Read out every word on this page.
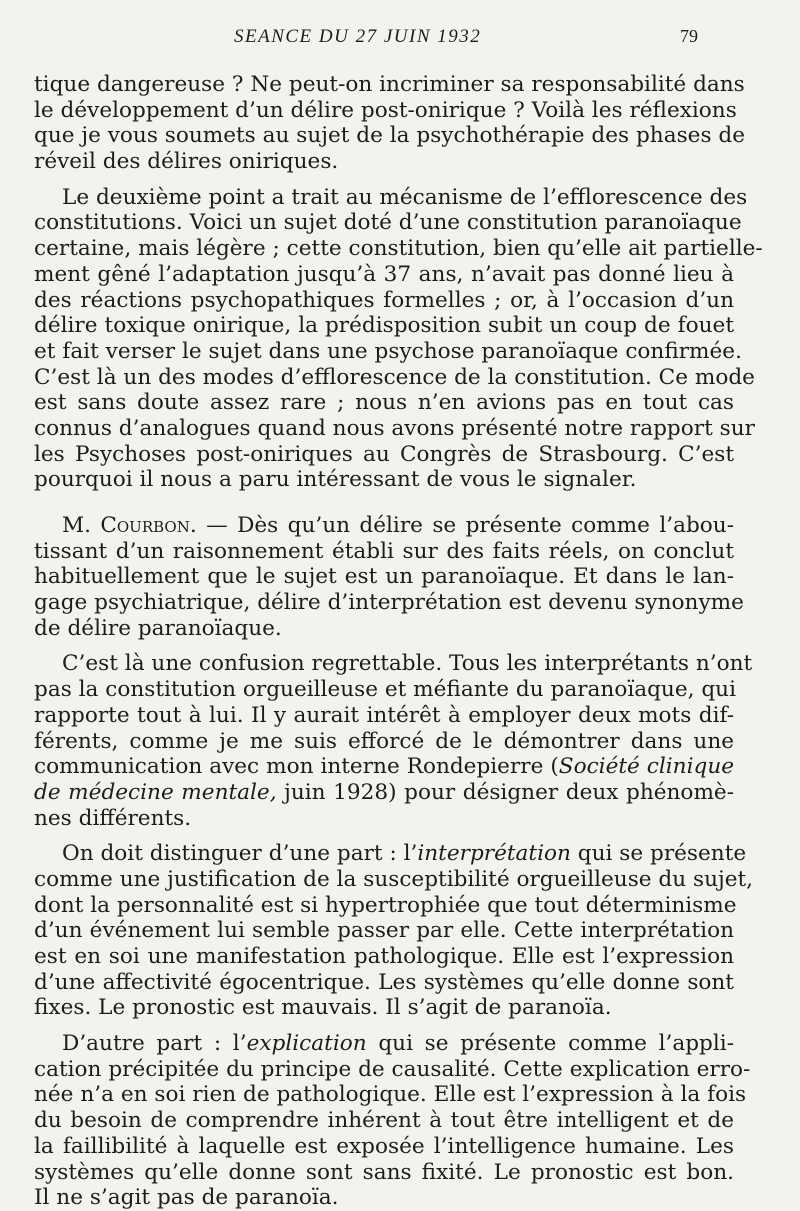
SEANCE DU 27 JUIN 1932	79
tique dangereuse ? Ne peut-on incriminer sa responsabilité dans
le développement d’un délire post-onirique ? Voilà les réflexions
que je vous soumets au sujet de la psychothérapie des phases de
réveil des délires oniriques.
Le deuxième point a trait au mécanisme de l’efflorescence des
constitutions. Voici un sujet doté d’une constitution paranoïaque
certaine, mais légère ; cette constitution, bien qu’elle ait partielle-
ment gêné l’adaptation jusqu’à 37 ans, n’avait pas donné lieu à
des réactions psychopathiques formelles ; or, à l’occasion d’un
délire toxique onirique, la prédisposition subit un coup de fouet
et fait verser le sujet dans une psychose paranoïaque confirmée.
C’est là un des modes d’efflorescence de la constitution. Ce mode
est sans doute assez rare ; nous n’en avions pas en tout cas
connus d’analogues quand nous avons présenté notre rapport sur
les Psychoses post-oniriques au Congrès de Strasbourg. C’est
pourquoi il nous a paru intéressant de vous le signaler.
M. Courbon. — Dès qu’un délire se présente comme l’abou-
tissant d’un raisonnement établi sur des faits réels, on conclut
habituellement que le sujet est un paranoïaque. Et dans le lan-
gage psychiatrique, délire d’interprétation est devenu synonyme
de délire paranoïaque.
C’est là une confusion regrettable. Tous les interprétants n’ont
pas la constitution orgueilleuse et méfiante du paranoïaque, qui
rapporte tout à lui. Il y aurait intérêt à employer deux mots dif-
férents, comme je me suis efforcé de le démontrer dans une
communication avec mon interne Rondepierre (Société clinique
de médecine mentale, juin 1928) pour désigner deux phénomè-
nes différents.
On doit distinguer d’une part : l’interprétation qui se présente
comme une justification de la susceptibilité orgueilleuse du sujet,
dont la personnalité est si hypertrophiée que tout déterminisme
d’un événement lui semble passer par elle. Cette interprétation
est en soi une manifestation pathologique. Elle est l’expression
d’une affectivité égocentrique. Les systèmes qu’elle donne sont
fixes. Le pronostic est mauvais. Il s’agit de paranoïa.
D’autre part : l’explication qui se présente comme l’appli-
cation précipitée du principe de causalité. Cette explication erro-
née n’a en soi rien de pathologique. Elle est l’expression à la fois
du besoin de comprendre inhérent à tout être intelligent et de
la faillibilité à laquelle est exposée l’intelligence humaine. Les
systèmes qu’elle donne sont sans fixité. Le pronostic est bon.
Il ne s’agit pas de paranoïa.
